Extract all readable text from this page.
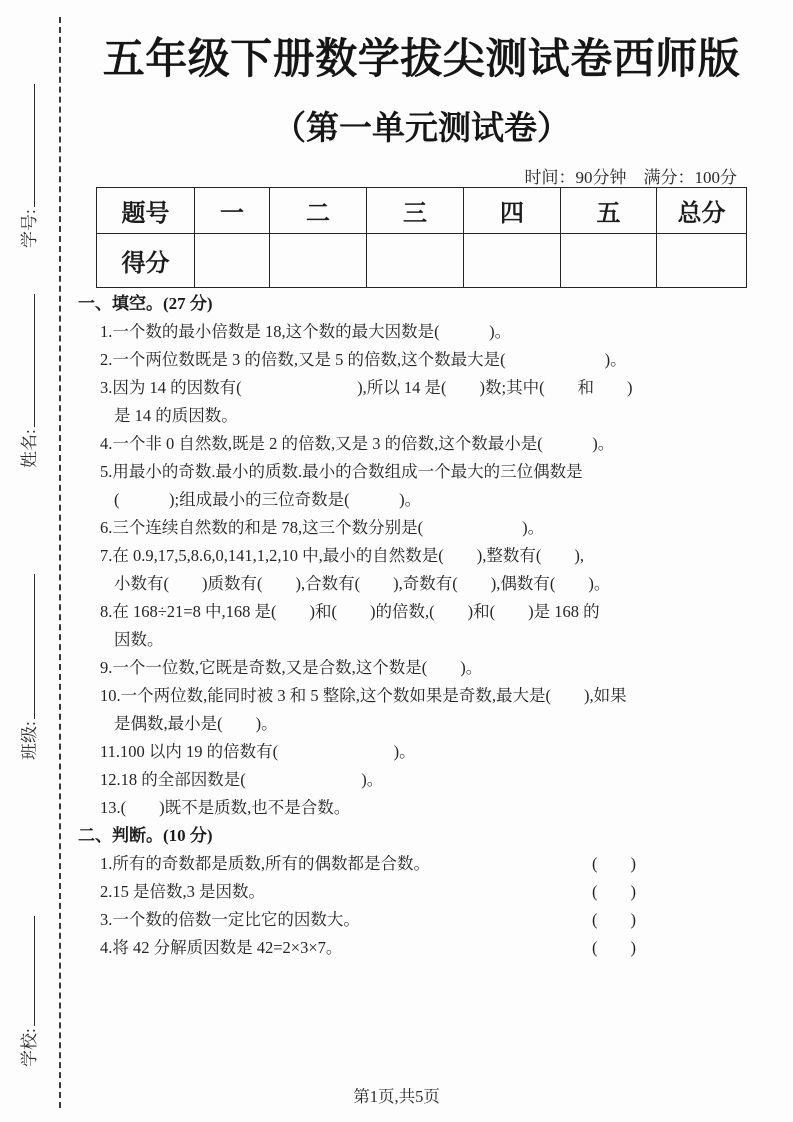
学号:
姓名:
班级:
学校:
五年级下册数学拔尖测试卷西师版
（第一单元测试卷）
时间：90分钟　满分：100分
题号	一	二	三	四	五	总分
得分						

一、填空。(27 分)

1.一个数的最小倍数是 18,这个数的最大因数是(　　　)。

2.一个两位数既是 3 的倍数,又是 5 的倍数,这个数最大是(　　　　　　)。

3.因为 14 的因数有(　　　　　　　),所以 14 是(　　)数;其中(　　和　　)

是 14 的质因数。

4.一个非 0 自然数,既是 2 的倍数,又是 3 的倍数,这个数最小是(　　　)。

5.用最小的奇数.最小的质数.最小的合数组成一个最大的三位偶数是

(　　　);组成最小的三位奇数是(　　　)。

6.三个连续自然数的和是 78,这三个数分别是(　　　　　　)。

7.在 0.9,17,5,8.6,0,141,1,2,10 中,最小的自然数是(　　),整数有(　　),

小数有(　　)质数有(　　),合数有(　　),奇数有(　　),偶数有(　　)。

8.在 168÷21=8 中,168 是(　　)和(　　)的倍数,(　　)和(　　)是 168 的

因数。

9.一个一位数,它既是奇数,又是合数,这个数是(　　)。

10.一个两位数,能同时被 3 和 5 整除,这个数如果是奇数,最大是(　　),如果

是偶数,最小是(　　)。

11.100 以内 19 的倍数有(　　　　　　　)。

12.18 的全部因数是(　　　　　　　)。

13.(　　)既不是质数,也不是合数。

二、判断。(10 分)

1.所有的奇数都是质数,所有的偶数都是合数。	(　　)
2.15 是倍数,3 是因数。	(　　)
3.一个数的倍数一定比它的因数大。	(　　)
4.将 42 分解质因数是 42=2×3×7。	(　　)
第1页,共5页
